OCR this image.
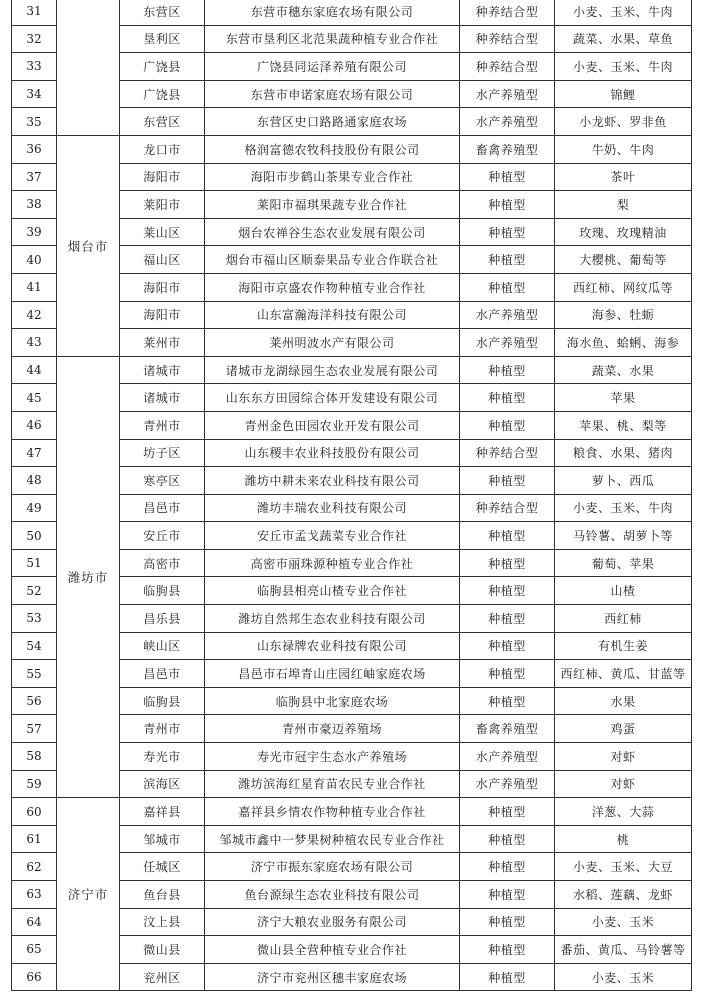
31		东营区	东营市穗东家庭农场有限公司	种养结合型	小麦、玉米、牛肉
32		垦利区	东营市垦利区北范果蔬种植专业合作社	种养结合型	蔬菜、水果、草鱼
33		广饶县	广饶县同运泽养殖有限公司	种养结合型	小麦、玉米、牛肉
34		广饶县	东营市申诺家庭农场有限公司	水产养殖型	锦鲤
35		东营区	东营区史口路路通家庭农场	水产养殖型	小龙虾、罗非鱼
36	烟台市	龙口市	格润富德农牧科技股份有限公司	畜禽养殖型	牛奶、牛肉
37		海阳市	海阳市步鹤山茶果专业合作社	种植型	茶叶
38		莱阳市	莱阳市福琪果蔬专业合作社	种植型	梨
39		莱山区	烟台农禅谷生态农业发展有限公司	种植型	玫瑰、玫瑰精油
40		福山区	烟台市福山区顺泰果品专业合作联合社	种植型	大樱桃、葡萄等
41		海阳市	海阳市京盛农作物种植专业合作社	种植型	西红柿、网纹瓜等
42		海阳市	山东富瀚海洋科技有限公司	水产养殖型	海参、牡蛎
43		莱州市	莱州明波水产有限公司	水产养殖型	海水鱼、蛤蜊、海参
44	潍坊市	诸城市	诸城市龙湖绿园生态农业发展有限公司	种植型	蔬菜、水果
45		诸城市	山东东方田园综合体开发建设有限公司	种植型	苹果
46		青州市	青州金色田园农业开发有限公司	种植型	苹果、桃、梨等
47		坊子区	山东稷丰农业科技股份有限公司	种养结合型	粮食、水果、猪肉
48		寒亭区	潍坊中耕未来农业科技有限公司	种植型	萝卜、西瓜
49		昌邑市	潍坊丰瑞农业科技有限公司	种养结合型	小麦、玉米、牛肉
50		安丘市	安丘市孟戈蔬菜专业合作社	种植型	马铃薯、胡萝卜等
51		高密市	高密市丽珠源种植专业合作社	种植型	葡萄、苹果
52		临朐县	临朐县相亮山楂专业合作社	种植型	山楂
53		昌乐县	潍坊自然邦生态农业科技有限公司	种植型	西红柿
54		峡山区	山东禄牌农业科技有限公司	种植型	有机生姜
55		昌邑市	昌邑市石埠青山庄园红岫家庭农场	种植型	西红柿、黄瓜、甘蓝等
56		临朐县	临朐县中北家庭农场	种植型	水果
57		青州市	青州市豪迈养殖场	畜禽养殖型	鸡蛋
58		寿光市	寿光市冠宇生态水产养殖场	水产养殖型	对虾
59		滨海区	潍坊滨海红星育苗农民专业合作社	水产养殖型	对虾
60	济宁市	嘉祥县	嘉祥县乡情农作物种植专业合作社	种植型	洋葱、大蒜
61		邹城市	邹城市鑫中一梦果树种植农民专业合作社	种植型	桃
62		任城区	济宁市振东家庭农场有限公司	种植型	小麦、玉米、大豆
63		鱼台县	鱼台源绿生态农业科技有限公司	种植型	水稻、莲藕、龙虾
64		汶上县	济宁大粮农业服务有限公司	种植型	小麦、玉米
65		微山县	微山县全营种植专业合作社	种植型	番茄、黄瓜、马铃薯等
66		兖州区	济宁市兖州区穗丰家庭农场	种植型	小麦、玉米
